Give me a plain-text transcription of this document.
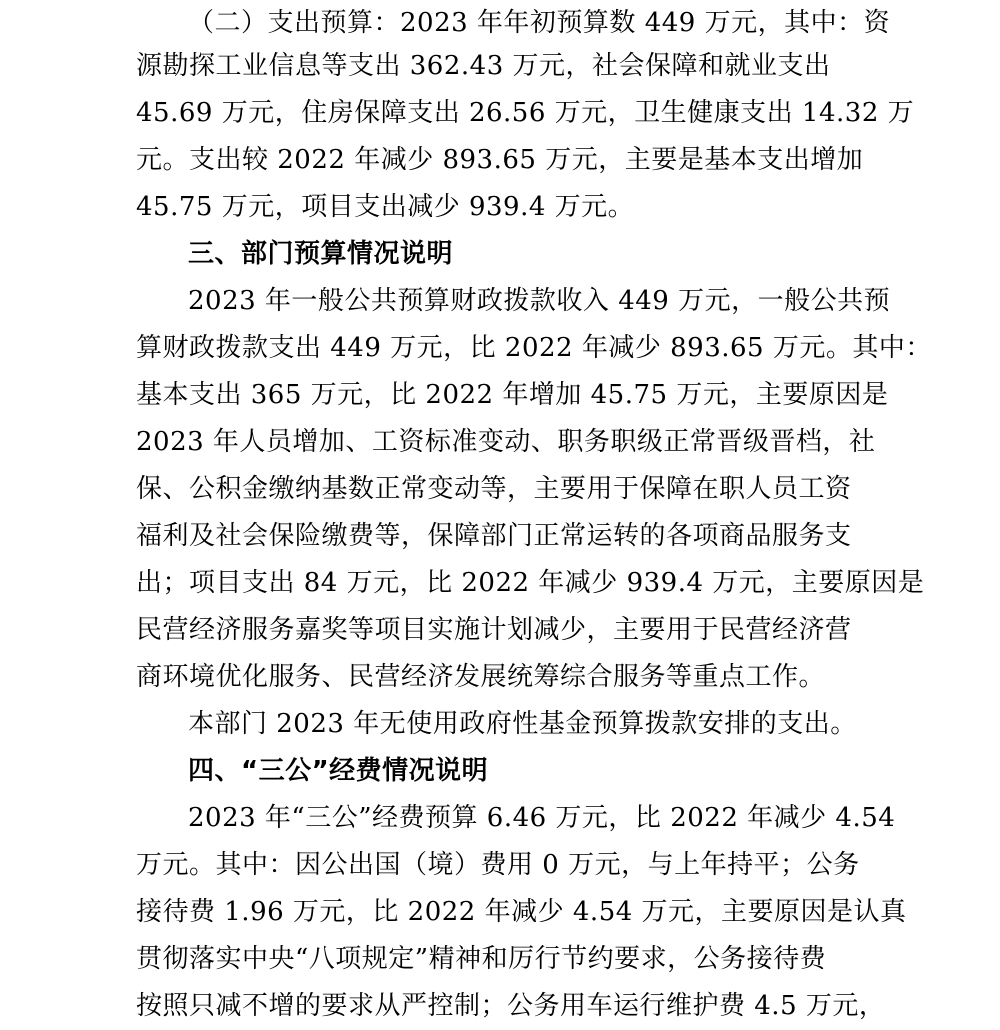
（二）支出预算：2023 年年初预算数 449 万元，其中：资
源勘探工业信息等支出 362.43 万元，社会保障和就业支出
45.69 万元，住房保障支出 26.56 万元，卫生健康支出 14.32 万
元。支出较 2022 年减少 893.65 万元，主要是基本支出增加
45.75 万元，项目支出减少 939.4 万元。
三、部门预算情况说明
2023 年一般公共预算财政拨款收入 449 万元，一般公共预
算财政拨款支出 449 万元，比 2022 年减少 893.65 万元。其中：
基本支出 365 万元，比 2022 年增加 45.75 万元，主要原因是
2023 年人员增加、工资标准变动、职务职级正常晋级晋档，社
保、公积金缴纳基数正常变动等，主要用于保障在职人员工资
福利及社会保险缴费等，保障部门正常运转的各项商品服务支
出；项目支出 84 万元，比 2022 年减少 939.4 万元，主要原因是
民营经济服务嘉奖等项目实施计划减少，主要用于民营经济营
商环境优化服务、民营经济发展统筹综合服务等重点工作。
本部门 2023 年无使用政府性基金预算拨款安排的支出。
四、“三公”经费情况说明
2023 年“三公”经费预算 6.46 万元，比 2022 年减少 4.54
万元。其中：因公出国（境）费用 0 万元，与上年持平；公务
接待费 1.96 万元，比 2022 年减少 4.54 万元，主要原因是认真
贯彻落实中央“八项规定”精神和厉行节约要求，公务接待费
按照只减不增的要求从严控制；公务用车运行维护费 4.5 万元，
